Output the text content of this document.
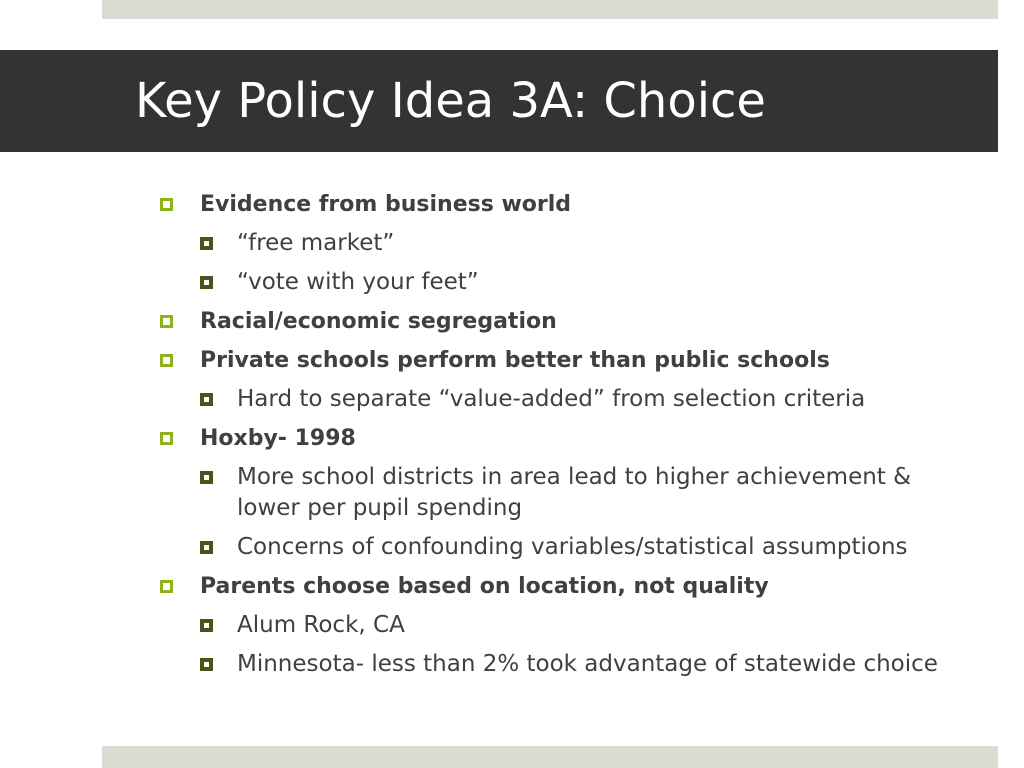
Key Policy Idea 3A: Choice
Evidence from business world
“free market”
“vote with your feet”
Racial/economic segregation
Private schools perform better than public schools
Hard to separate “value-added” from selection criteria
Hoxby- 1998
More school districts in area lead to higher achievement & lower per pupil spending
Concerns of confounding variables/statistical assumptions
Parents choose based on location, not quality
Alum Rock, CA
Minnesota- less than 2% took advantage of statewide choice
